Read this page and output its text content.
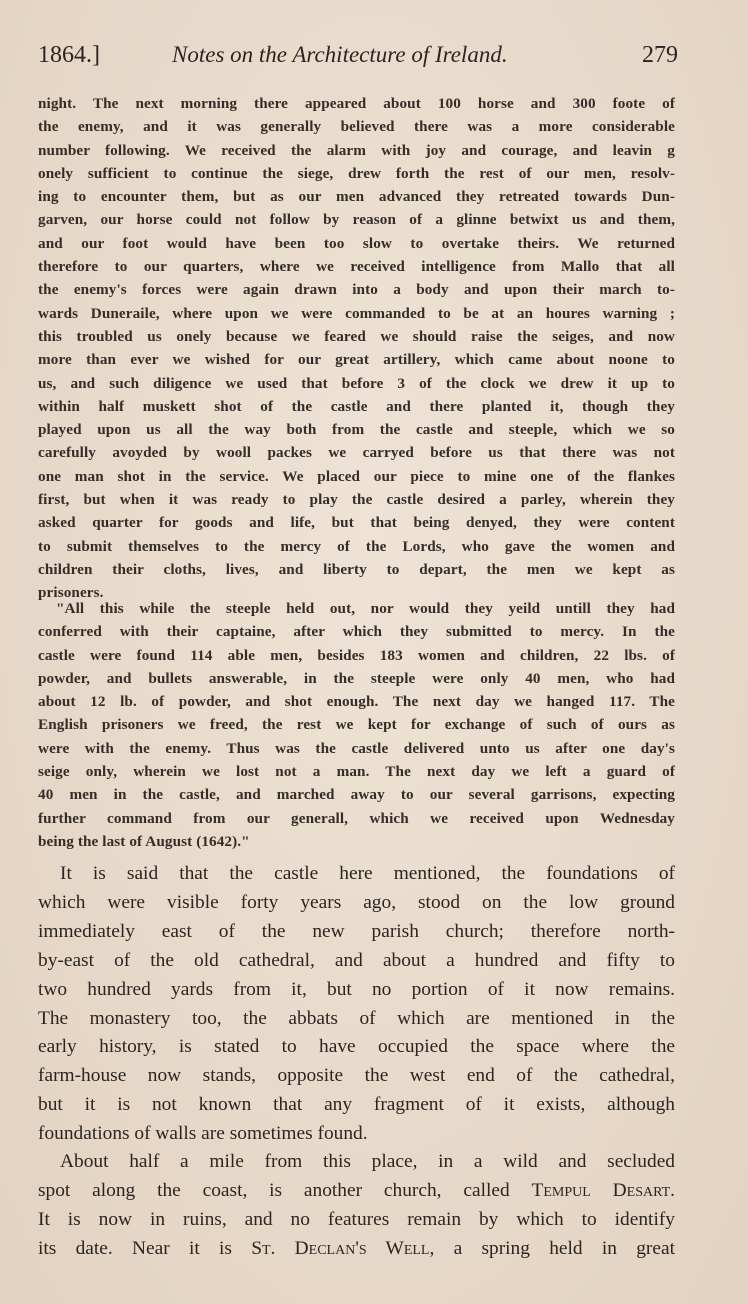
1864.]	Notes on the Architecture of Ireland.	279
night. The next morning there appeared about 100 horse and 300 foote of
the enemy, and it was generally believed there was a more considerable
number following. We received the alarm with joy and courage, and leavin g
onely sufficient to continue the siege, drew forth the rest of our men, resolv-
ing to encounter them, but as our men advanced they retreated towards Dun-
garven, our horse could not follow by reason of a glinne betwixt us and them,
and our foot would have been too slow to overtake theirs. We returned
therefore to our quarters, where we received intelligence from Mallo that all
the enemy's forces were again drawn into a body and upon their march to-
wards Duneraile, where upon we were commanded to be at an houres warning ;
this troubled us onely because we feared we should raise the seiges, and now
more than ever we wished for our great artillery, which came about noone to
us, and such diligence we used that before 3 of the clock we drew it up to
within half muskett shot of the castle and there planted it, though they
played upon us all the way both from the castle and steeple, which we so
carefully avoyded by wooll packes we carryed before us that there was not
one man shot in the service. We placed our piece to mine one of the flankes
first, but when it was ready to play the castle desired a parley, wherein they
asked quarter for goods and life, but that being denyed, they were content
to submit themselves to the mercy of the Lords, who gave the women and
children their cloths, lives, and liberty to depart, the men we kept as
prisoners.
"All this while the steeple held out, nor would they yeild untill they had
conferred with their captaine, after which they submitted to mercy. In the
castle were found 114 able men, besides 183 women and children, 22 lbs. of
powder, and bullets answerable, in the steeple were only 40 men, who had
about 12 lb. of powder, and shot enough. The next day we hanged 117. The
English prisoners we freed, the rest we kept for exchange of such of ours as
were with the enemy. Thus was the castle delivered unto us after one day's
seige only, wherein we lost not a man. The next day we left a guard of
40 men in the castle, and marched away to our several garrisons, expecting
further command from our generall, which we received upon Wednesday
being the last of August (1642)."
It is said that the castle here mentioned, the foundations of
which were visible forty years ago, stood on the low ground
immediately east of the new parish church; therefore north-
by-east of the old cathedral, and about a hundred and fifty to
two hundred yards from it, but no portion of it now remains.
The monastery too, the abbats of which are mentioned in the
early history, is stated to have occupied the space where the
farm-house now stands, opposite the west end of the cathedral,
but it is not known that any fragment of it exists, although
foundations of walls are sometimes found.
About half a mile from this place, in a wild and secluded
spot along the coast, is another church, called Tempul Desart.
It is now in ruins, and no features remain by which to identify
its date. Near it is St. Declan's Well, a spring held in great
